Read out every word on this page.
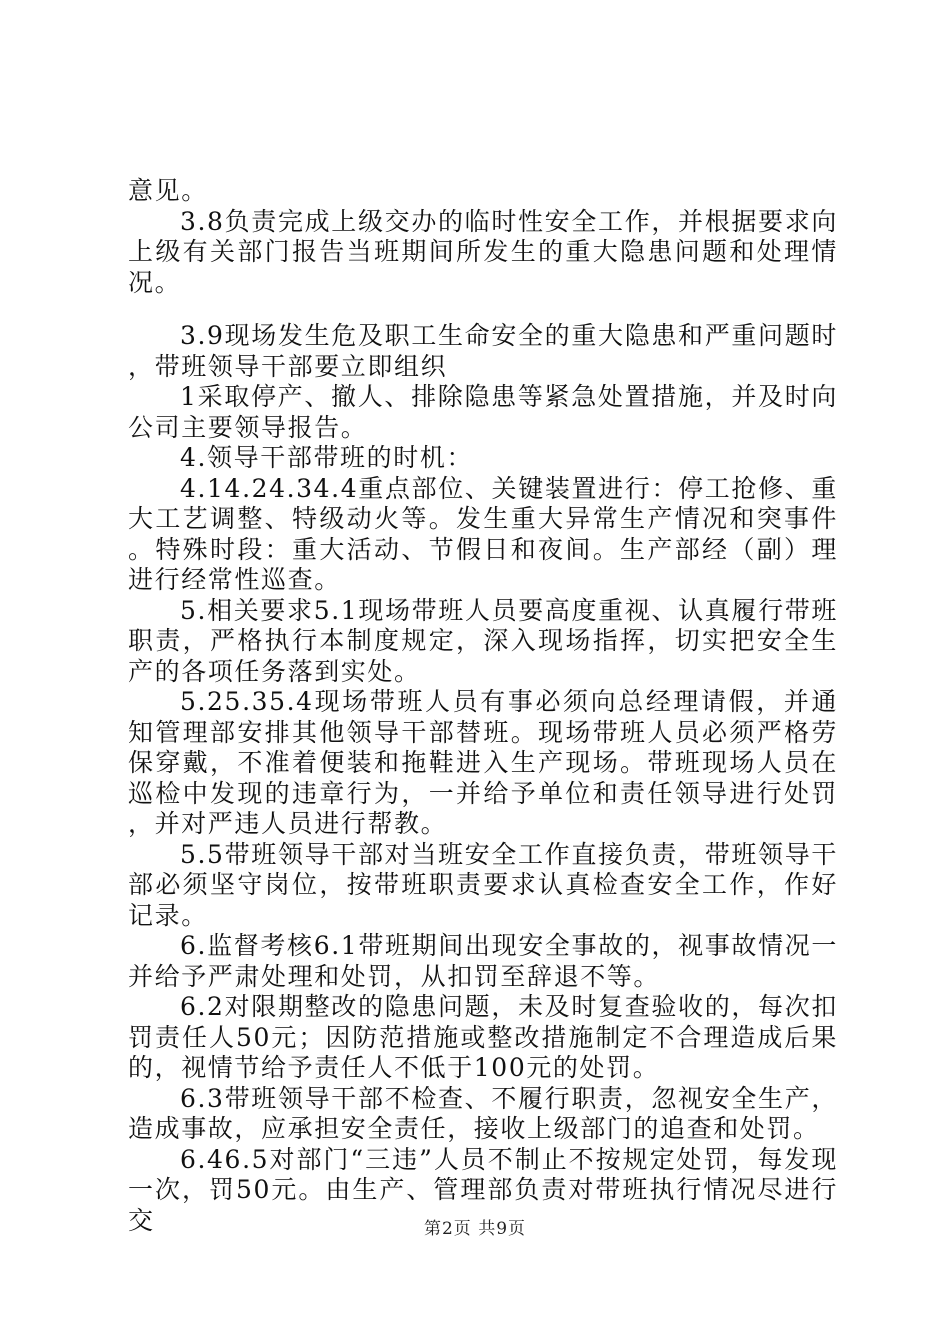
意见。

3.8负责完成上级交办的临时性安全工作，并根据要求向上级有关部门报告当班期间所发生的重大隐患问题和处理情况。

3.9现场发生危及职工生命安全的重大隐患和严重问题时，带班领导干部要立即组织

1采取停产、撤人、排除隐患等紧急处置措施，并及时向公司主要领导报告。

4.领导干部带班的时机：

4.14.24.34.4重点部位、关键装置进行：停工抢修、重大工艺调整、特级动火等。发生重大异常生产情况和突事件。特殊时段：重大活动、节假日和夜间。生产部经（副）理进行经常性巡查。

5.相关要求5.1现场带班人员要高度重视、认真履行带班职责，严格执行本制度规定，深入现场指挥，切实把安全生产的各项任务落到实处。

5.25.35.4现场带班人员有事必须向总经理请假，并通知管理部安排其他领导干部替班。现场带班人员必须严格劳保穿戴，不准着便装和拖鞋进入生产现场。带班现场人员在巡检中发现的违章行为，一并给予单位和责任领导进行处罚，并对严违人员进行帮教。

5.5带班领导干部对当班安全工作直接负责，带班领导干部必须坚守岗位，按带班职责要求认真检查安全工作，作好记录。

6.监督考核6.1带班期间出现安全事故的，视事故情况一并给予严肃处理和处罚，从扣罚至辞退不等。

6.2对限期整改的隐患问题，未及时复查验收的，每次扣罚责任人50元；因防范措施或整改措施制定不合理造成后果的，视情节给予责任人不低于100元的处罚。

6.3带班领导干部不检查、不履行职责，忽视安全生产，造成事故，应承担安全责任，接收上级部门的追查和处罚。

6.46.5对部门“三违”人员不制止不按规定处罚，每发现一次，罚50元。由生产、管理部负责对带班执行情况尽进行交	第2页 共9页
